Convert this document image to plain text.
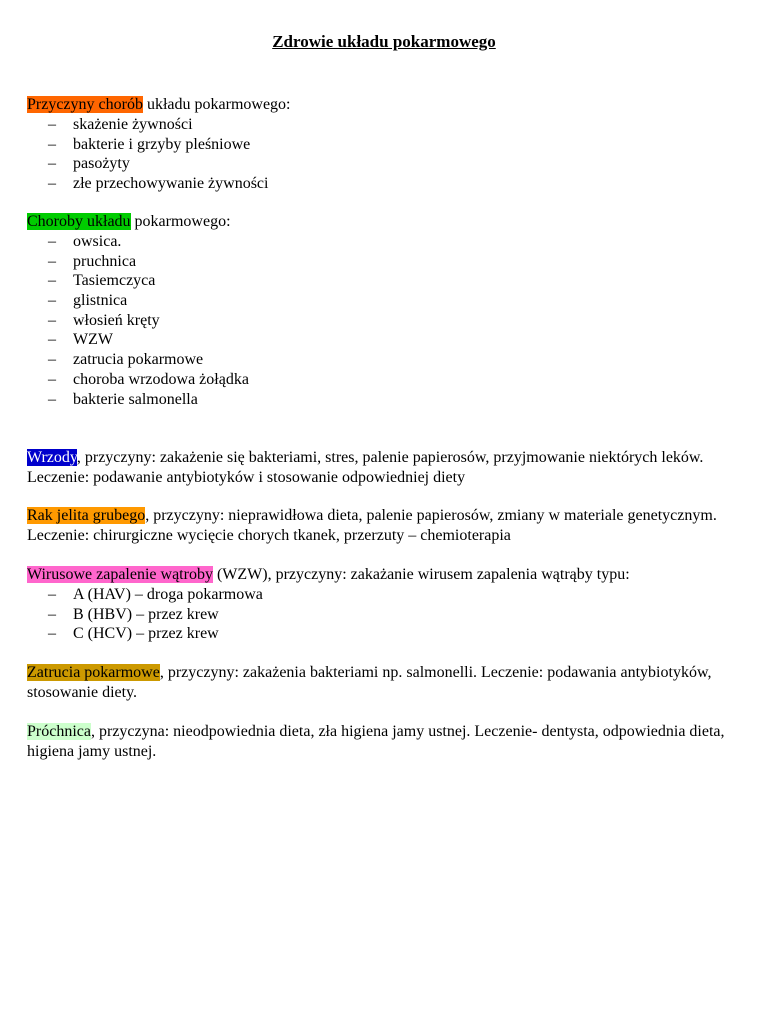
Zdrowie układu pokarmowego
Przyczyny chorób układu pokarmowego:
– skażenie żywności
– bakterie i grzyby pleśniowe
– pasożyty
– złe przechowywanie żywności
Choroby układu pokarmowego:
– owsica.
– pruchnica
– Tasiemczyca
– glistnica
– włosień kręty
– WZW
– zatrucia pokarmowe
– choroba wrzodowa żołądka
– bakterie salmonella
Wrzody, przyczyny: zakażenie się bakteriami, stres, palenie papierosów, przyjmowanie niektórych leków. Leczenie: podawanie antybiotyków i stosowanie odpowiedniej diety
Rak jelita grubego, przyczyny: nieprawidłowa dieta, palenie papierosów, zmiany w materiale genetycznym. Leczenie: chirurgiczne wycięcie chorych tkanek, przerzuty – chemioterapia
Wirusowe zapalenie wątroby (WZW), przyczyny: zakażanie wirusem zapalenia wątrąby typu:
– A (HAV) – droga pokarmowa
– B (HBV) – przez krew
– C (HCV) – przez krew
Zatrucia pokarmowe, przyczyny: zakażenia bakteriami np. salmonelli. Leczenie: podawania antybiotyków, stosowanie diety.
Próchnica, przyczyna: nieodpowiednia dieta, zła higiena jamy ustnej. Leczenie- dentysta, odpowiednia dieta, higiena jamy ustnej.
